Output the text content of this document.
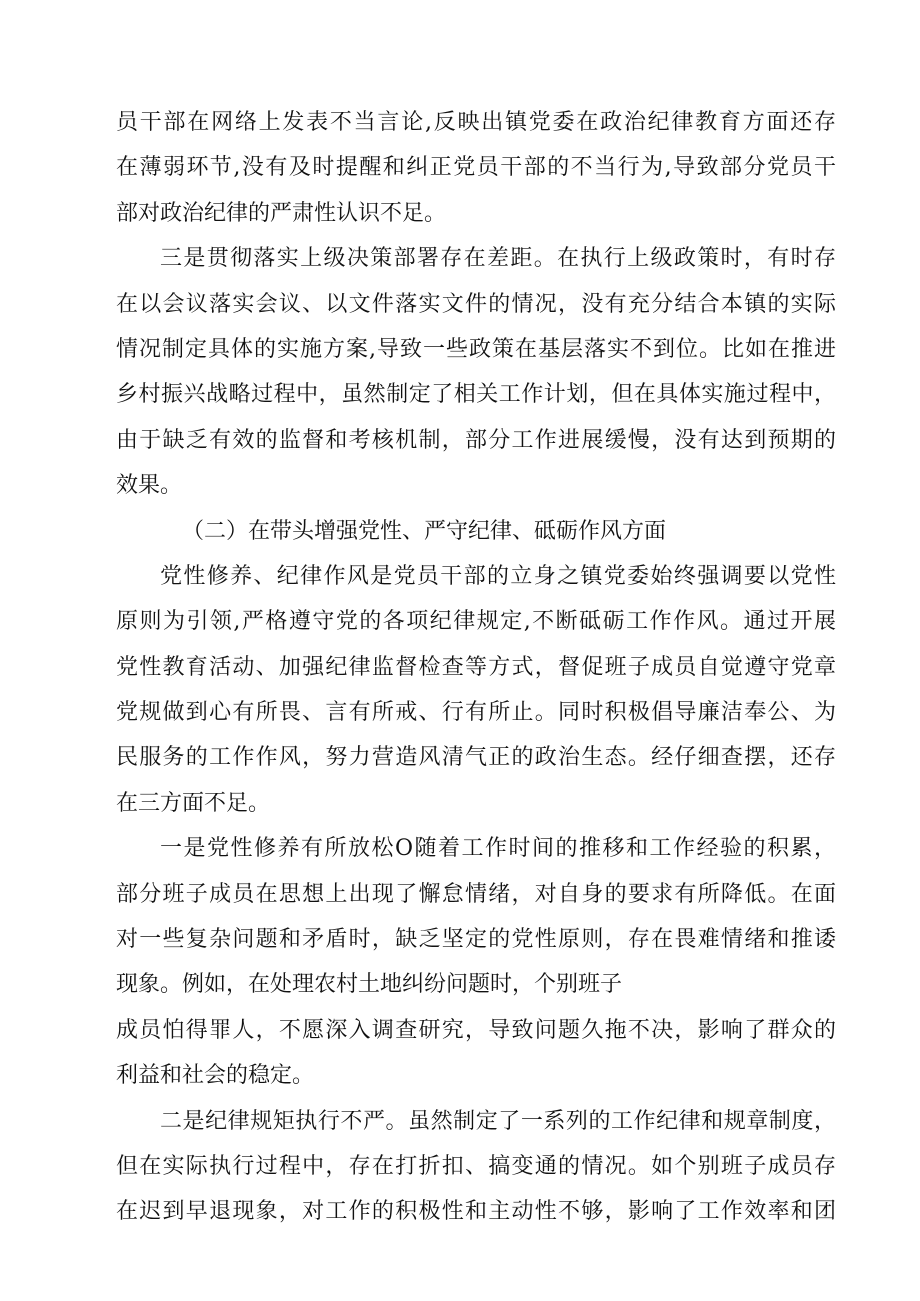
员干部在网络上发表不当言论,反映出镇党委在政治纪律教育方面还存
在薄弱环节,没有及时提醒和纠正党员干部的不当行为,导致部分党员干
部对政治纪律的严肃性认识不足。
三是贯彻落实上级决策部署存在差距。在执行上级政策时，有时存
在以会议落实会议、以文件落实文件的情况，没有充分结合本镇的实际
情况制定具体的实施方案,导致一些政策在基层落实不到位。比如在推进
乡村振兴战略过程中，虽然制定了相关工作计划，但在具体实施过程中，
由于缺乏有效的监督和考核机制，部分工作进展缓慢，没有达到预期的
效果。
（二）在带头增强党性、严守纪律、砥砺作风方面
党性修养、纪律作风是党员干部的立身之镇党委始终强调要以党性
原则为引领,严格遵守党的各项纪律规定,不断砥砺工作作风。通过开展
党性教育活动、加强纪律监督检查等方式，督促班子成员自觉遵守党章
党规做到心有所畏、言有所戒、行有所止。同时积极倡导廉洁奉公、为
民服务的工作作风，努力营造风清气正的政治生态。经仔细查摆，还存
在三方面不足。
一是党性修养有所放松O随着工作时间的推移和工作经验的积累，
部分班子成员在思想上出现了懈怠情绪，对自身的要求有所降低。在面
对一些复杂问题和矛盾时，缺乏坚定的党性原则，存在畏难情绪和推诿
现象。例如，在处理农村土地纠纷问题时，个别班子
成员怕得罪人，不愿深入调查研究，导致问题久拖不决，影响了群众的
利益和社会的稳定。
二是纪律规矩执行不严。虽然制定了一系列的工作纪律和规章制度，
但在实际执行过程中，存在打折扣、搞变通的情况。如个别班子成员存
在迟到早退现象，对工作的积极性和主动性不够，影响了工作效率和团
